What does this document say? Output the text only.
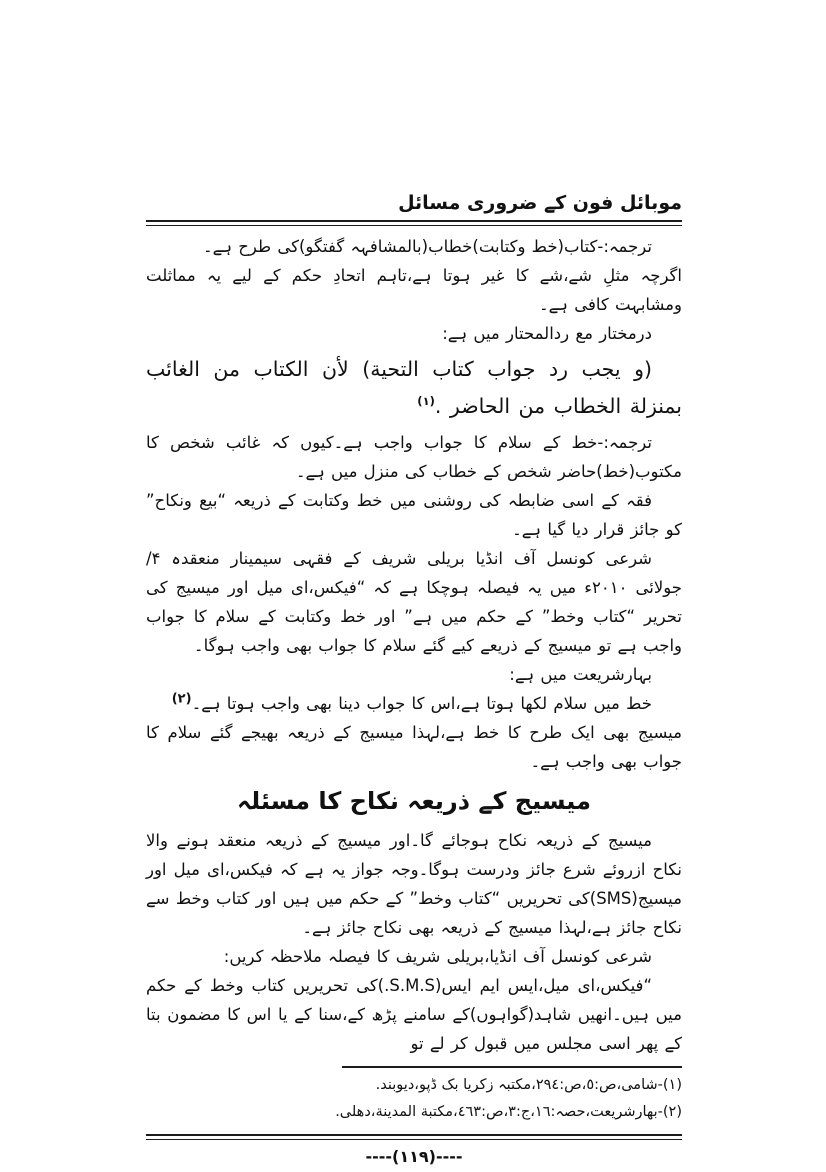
موبائل فون کے ضروری مسائل

ترجمہ:-کتاب(خط وکتابت)خطاب(بالمشافہہ گفتگو)کی طرح ہے۔

اگرچہ مثلِ شے،شے کا غیر ہوتا ہے،تاہم اتحادِ حکم کے لیے یہ مماثلت ومشابہت کافی ہے۔

درمختار مع ردالمحتار میں ہے:

(و يجب رد جواب كتاب التحية) لأن الكتاب من الغائب بمنزلة الخطاب من الحاضر .$^{(۱)}$

ترجمہ:-خط کے سلام کا جواب واجب ہے۔کیوں کہ غائب شخص کا مکتوب(خط)حاضر شخص کے خطاب کی منزل میں ہے۔

فقہ کے اسی ضابطہ کی روشنی میں خط وکتابت کے ذریعہ “بیع ونکاح” کو جائز قرار دیا گیا ہے۔

شرعی کونسل آف انڈیا بریلی شریف کے فقہی سیمینار منعقدہ ۴/ جولائی ۲۰۱۰ء میں یہ فیصلہ ہوچکا ہے کہ “فیکس،ای میل اور میسیج کی تحریر “کتاب وخط” کے حکم میں ہے” اور خط وکتابت کے سلام کا جواب واجب ہے تو میسیج کے ذریعے کیے گئے سلام کا جواب بھی واجب ہوگا۔

بہارشریعت میں ہے:

خط میں سلام لکھا ہوتا ہے،اس کا جواب دینا بھی واجب ہوتا ہے۔$^{(۲)}$

میسیج بھی ایک طرح کا خط ہے،لہذا میسیج کے ذریعہ بھیجے گئے سلام کا جواب بھی واجب ہے۔

میسیج کے ذریعہ نکاح کا مسئلہ

میسیج کے ذریعہ نکاح ہوجائے گا۔اور میسیج کے ذریعہ منعقد ہونے والا نکاح ازروئے شرع جائز ودرست ہوگا۔وجہ جواز یہ ہے کہ فیکس،ای میل اور میسیج(SMS)کی تحریریں “کتاب وخط” کے حکم میں ہیں اور کتاب وخط سے نکاح جائز ہے،لہذا میسیج کے ذریعہ بھی نکاح جائز ہے۔

شرعی کونسل آف انڈیا،بریلی شریف کا فیصلہ ملاحظہ کریں:

“فیکس،ای میل،ایس ایم ایس(S.M.S.)کی تحریریں کتاب وخط کے حکم میں ہیں۔انھیں شاہد(گواہوں)کے سامنے پڑھ کے،سنا کے یا اس کا مضمون بتا کے پھر اسی مجلس میں قبول کر لے تو

(١)-شامی،ص:٥،ص:٢٩٤،مکتبہ زکریا بک ڈپو،دیوبند.

(٢)-بهارشریعت،حصہ:١٦،ج:٣،ص:٤٦٣،مکتبة المدینة،دهلی.

----(۱۱۹)----
